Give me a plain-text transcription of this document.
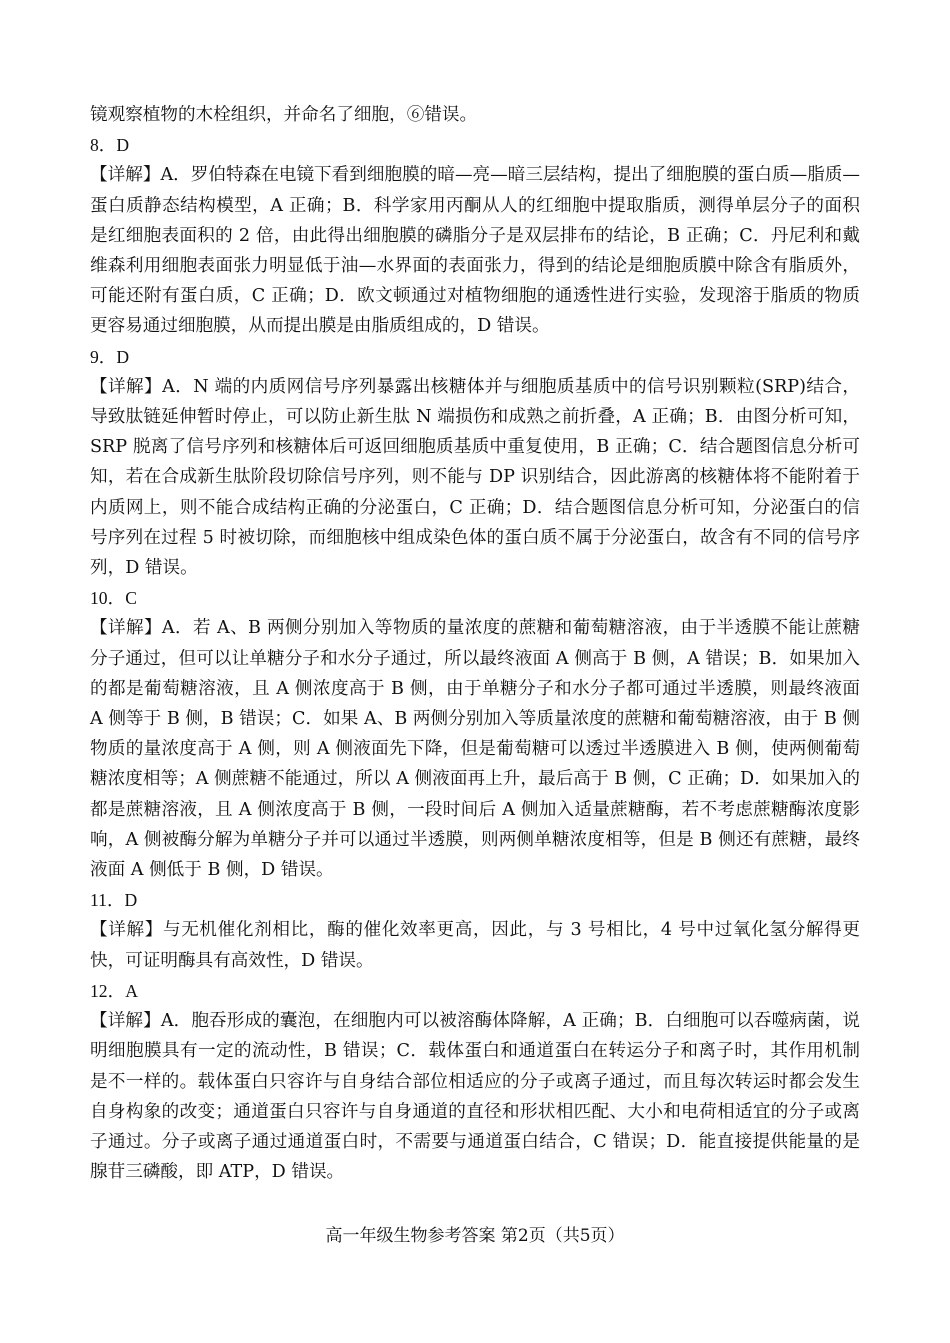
镜观察植物的木栓组织，并命名了细胞，⑥错误。

8．D

【详解】A．罗伯特森在电镜下看到细胞膜的暗—亮—暗三层结构，提出了细胞膜的蛋白质—脂质—蛋白质静态结构模型，A 正确；B．科学家用丙酮从人的红细胞中提取脂质，测得单层分子的面积是红细胞表面积的 2 倍，由此得出细胞膜的磷脂分子是双层排布的结论，B 正确；C．丹尼利和戴维森利用细胞表面张力明显低于油—水界面的表面张力，得到的结论是细胞质膜中除含有脂质外，可能还附有蛋白质，C 正确；D．欧文顿通过对植物细胞的通透性进行实验，发现溶于脂质的物质更容易通过细胞膜，从而提出膜是由脂质组成的，D 错误。

9．D

【详解】A．N 端的内质网信号序列暴露出核糖体并与细胞质基质中的信号识别颗粒(SRP)结合，导致肽链延伸暂时停止，可以防止新生肽 N 端损伤和成熟之前折叠，A 正确；B．由图分析可知，SRP 脱离了信号序列和核糖体后可返回细胞质基质中重复使用，B 正确；C．结合题图信息分析可知，若在合成新生肽阶段切除信号序列，则不能与 DP 识别结合，因此游离的核糖体将不能附着于内质网上，则不能合成结构正确的分泌蛋白，C 正确；D．结合题图信息分析可知，分泌蛋白的信号序列在过程 5 时被切除，而细胞核中组成染色体的蛋白质不属于分泌蛋白，故含有不同的信号序列，D 错误。

10．C

【详解】A．若 A、B 两侧分别加入等物质的量浓度的蔗糖和葡萄糖溶液，由于半透膜不能让蔗糖分子通过，但可以让单糖分子和水分子通过，所以最终液面 A 侧高于 B 侧，A 错误；B．如果加入的都是葡萄糖溶液，且 A 侧浓度高于 B 侧，由于单糖分子和水分子都可通过半透膜，则最终液面 A 侧等于 B 侧，B 错误；C．如果 A、B 两侧分别加入等质量浓度的蔗糖和葡萄糖溶液，由于 B 侧物质的量浓度高于 A 侧，则 A 侧液面先下降，但是葡萄糖可以透过半透膜进入 B 侧，使两侧葡萄糖浓度相等；A 侧蔗糖不能通过，所以 A 侧液面再上升，最后高于 B 侧，C 正确；D．如果加入的都是蔗糖溶液，且 A 侧浓度高于 B 侧，一段时间后 A 侧加入适量蔗糖酶，若不考虑蔗糖酶浓度影响，A 侧被酶分解为单糖分子并可以通过半透膜，则两侧单糖浓度相等，但是 B 侧还有蔗糖，最终液面 A 侧低于 B 侧，D 错误。

11．D

【详解】与无机催化剂相比，酶的催化效率更高，因此，与 3 号相比，4 号中过氧化氢分解得更快，可证明酶具有高效性，D 错误。

12．A

【详解】A．胞吞形成的囊泡，在细胞内可以被溶酶体降解，A 正确；B．白细胞可以吞噬病菌，说明细胞膜具有一定的流动性，B 错误；C．载体蛋白和通道蛋白在转运分子和离子时，其作用机制是不一样的。载体蛋白只容许与自身结合部位相适应的分子或离子通过，而且每次转运时都会发生自身构象的改变；通道蛋白只容许与自身通道的直径和形状相匹配、大小和电荷相适宜的分子或离子通过。分子或离子通过通道蛋白时，不需要与通道蛋白结合，C 错误；D．能直接提供能量的是腺苷三磷酸，即 ATP，D 错误。

高一年级生物参考答案 第2页（共5页）
